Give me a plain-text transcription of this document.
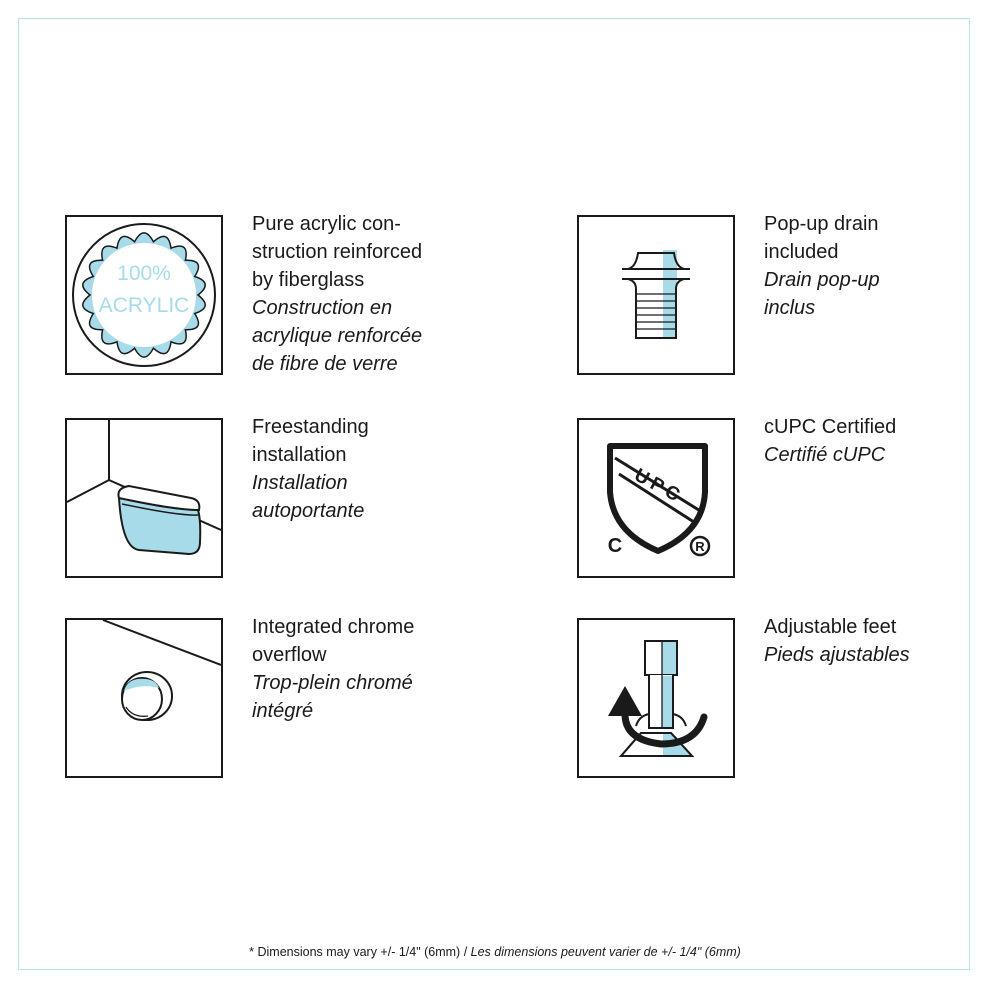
100%
ACRYLIC
Pure acrylic con-
struction reinforced
by fiberglass
Construction en
acrylique renforcée
de fibre de verre
Pop-up drain
included
Drain pop-up
inclus
Freestanding
installation
Installation
autoportante
UPC
C	R
cUPC Certified
Certifié cUPC
Integrated chrome
overflow
Trop-plein chromé
intégré
Adjustable feet
Pieds ajustables
* Dimensions may vary +/- 1/4" (6mm) / Les dimensions peuvent varier de +/- 1/4" (6mm)
